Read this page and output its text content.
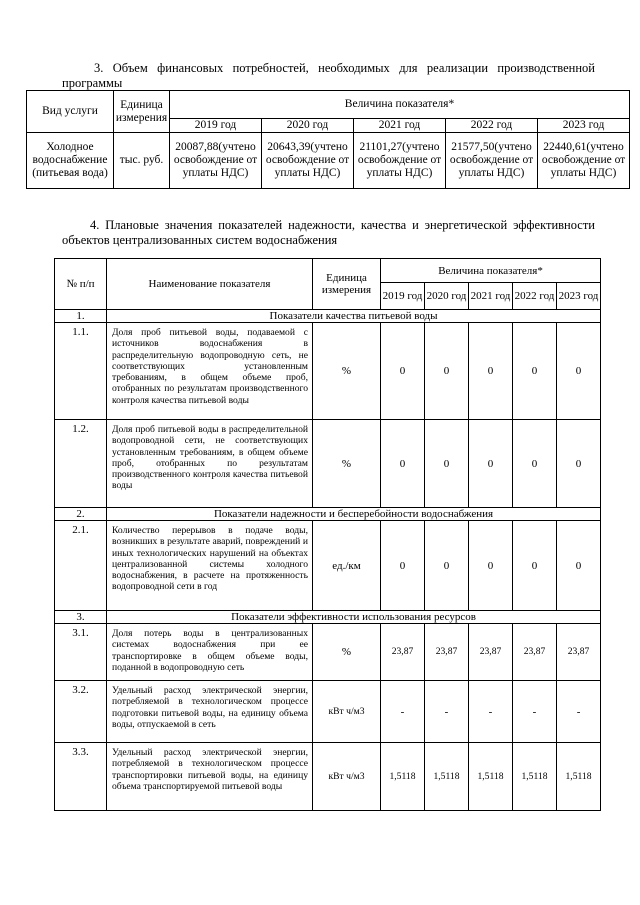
3. Объем финансовых потребностей, необходимых для реализации производственной программы
Вид услуги	Единица измерения	Величина показателя*				
		2019 год	2020 год	2021 год	2022 год	2023 год
Холодное водоснабжение (питьевая вода)	тыс. руб.	20087,88(учтено освобождение от уплаты НДС)	20643,39(учтено освобождение от уплаты НДС)	21101,27(учтено освобождение от уплаты НДС)	21577,50(учтено освобождение от уплаты НДС)	22440,61(учтено освобождение от уплаты НДС)
4. Плановые значения показателей надежности, качества и энергетической эффективности объектов централизованных систем водоснабжения
№ п/п	Наименование показателя	Единица измерения	Величина показателя*				
			2019 год	2020 год	2021 год	2022 год	2023 год
1.	Показатели качества питьевой воды						
1.1.	Доля проб питьевой воды, подаваемой с источников водоснабжения в распределительную водопроводную сеть, не соответствующих установленным требованиям, в общем объеме проб, отобранных по результатам производственного контроля качества питьевой воды	%	0	0	0	0	0
1.2.	Доля проб питьевой воды в распределительной водопроводной сети, не соответствующих установленным требованиям, в общем объеме проб, отобранных по результатам производственного контроля качества питьевой воды	%	0	0	0	0	0
2.	Показатели надежности и бесперебойности водоснабжения						
2.1.	Количество перерывов в подаче воды, возникших в результате аварий, повреждений и иных технологических нарушений на объектах централизованной системы холодного водоснабжения, в расчете на протяженность водопроводной сети в год	ед./км	0	0	0	0	0
3.	Показатели эффективности использования ресурсов						
3.1.	Доля потерь воды в централизованных системах водоснабжения при ее транспортировке в общем объеме воды, поданной в водопроводную сеть	%	23,87	23,87	23,87	23,87	23,87
3.2.	Удельный расход электрической энергии, потребляемой в технологическом процессе подготовки питьевой воды, на единицу объема воды, отпускаемой в сеть	кВт ч/м3	-	-	-	-	-
3.3.	Удельный расход электрической энергии, потребляемой в технологическом процессе транспортировки питьевой воды, на единицу объема транспортируемой питьевой воды	кВт ч/м3	1,5118	1,5118	1,5118	1,5118	1,5118
